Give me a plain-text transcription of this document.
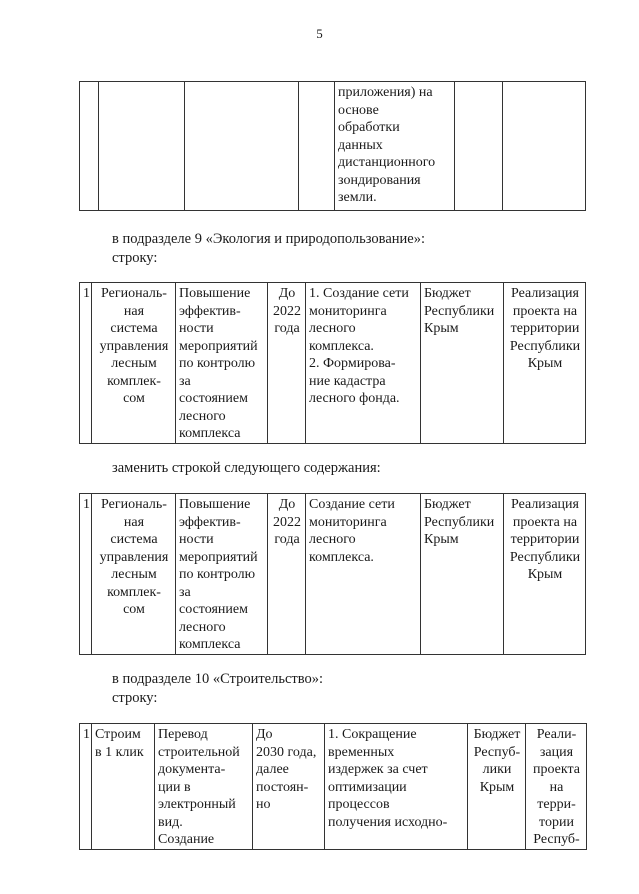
5
				приложения) на
основе
обработки
данных
дистанционного
зондирования
земли.		
в подразделе 9 «Экология и природопользование»:
строку:
1	Региональ-
ная
система
управления
лесным
комплек-
сом	Повышение
эффектив-
ности
мероприятий
по контролю
за
состоянием
лесного
комплекса	До
2022
года	1. Создание сети
мониторинга
лесного
комплекса.
2. Формирова-
ние кадастра
лесного фонда.	Бюджет
Республики
Крым	Реализация
проекта на
территории
Республики
Крым
заменить строкой следующего содержания:
1	Региональ-
ная
система
управления
лесным
комплек-
сом	Повышение
эффектив-
ности
мероприятий
по контролю
за
состоянием
лесного
комплекса	До
2022
года	Создание сети
мониторинга
лесного
комплекса.	Бюджет
Республики
Крым	Реализация
проекта на
территории
Республики
Крым
в подразделе 10 «Строительство»:
строку:
1	Строим
в 1 клик	Перевод
строительной
документа-
ции в
электронный
вид.
Создание	До
2030 года,
далее
постоян-
но	1. Сокращение
временных
издержек за счет
оптимизации
процессов
получения исходно-	Бюджет
Респуб-
лики
Крым	Реали-
зация
проекта
на
терри-
тории
Респуб-
